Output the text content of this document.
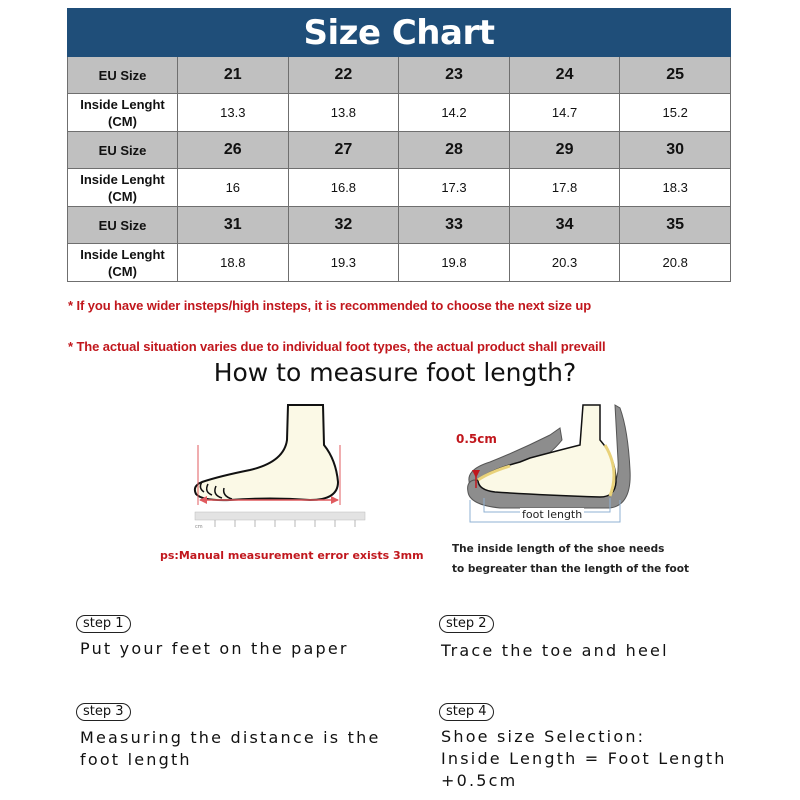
Size Chart					
EU Size	21	22	23	24	25
Inside Lenght
(CM)	13.3	13.8	14.2	14.7	15.2
EU Size	26	27	28	29	30
Inside Lenght
(CM)	16	16.8	17.3	17.8	18.3
EU Size	31	32	33	34	35
Inside Lenght
(CM)	18.8	19.3	19.8	20.3	20.8
* If you have wider insteps/high insteps, it is recommended to choose the next size up
* The actual situation varies due to individual foot types, the actual product shall prevaill
How to measure foot length?
cm
ps:Manual measurement error exists 3mm
0.5cm
foot length
The inside length of the shoe needs
to begreater than the length of the foot
step 1
Put your feet on the paper
step 2
Trace the toe and heel
step 3
Measuring the distance is the
foot length
step 4
Shoe size Selection:
Inside Length = Foot Length
+0.5cm
